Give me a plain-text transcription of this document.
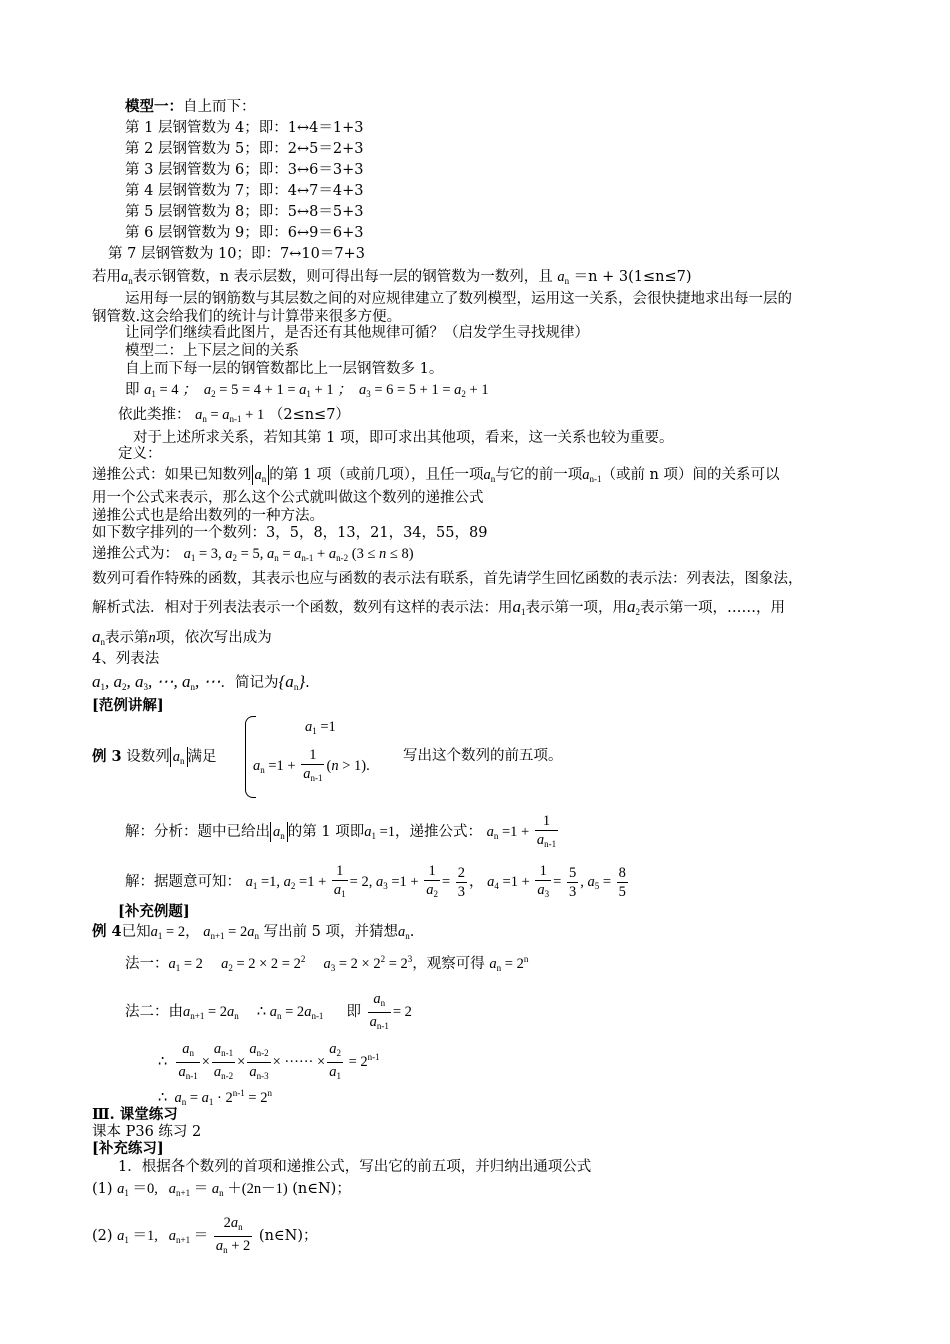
模型一：自上而下：
第 1 层钢管数为 4；即：1↔4＝1+3
第 2 层钢管数为 5；即：2↔5＝2+3
第 3 层钢管数为 6；即：3↔6＝3+3
第 4 层钢管数为 7；即：4↔7＝4+3
第 5 层钢管数为 8；即：5↔8＝5+3
第 6 层钢管数为 9；即：6↔9＝6+3
第 7 层钢管数为 10；即：7↔10＝7+3
若用$a_n$表示钢管数，n 表示层数，则可得出每一层的钢管数为一数列，且 $a_n =n + 3(1\le n\le 7)$
运用每一层的钢筋数与其层数之间的对应规律建立了数列模型，运用这一关系，会很快捷地求出每一层的
钢管数.这会给我们的统计与计算带来很多方便。
让同学们继续看此图片，是否还有其他规律可循？（启发学生寻找规律）
模型二：上下层之间的关系
自上而下每一层的钢管数都比上一层钢管数多 1。
即 $a_1 = 4$ ；  $a_2 = 5 = 4 + 1 = a_1 + 1$ ；  $a_3 = 6 = 5 + 1 = a_2 + 1$
依此类推： $a_n = a_{n-1} + 1$ （2≤n≤7）
对于上述所求关系，若知其第 1 项，即可求出其他项，看来，这一关系也较为重要。
定义：
递推公式：如果已知数列 $a_n$ 的第 1 项（或前几项），且任一项$a_n$与它的前一项$a_{n-1}$（或前 n 项）间的关系可以
用一个公式来表示，那么这个公式就叫做这个数列的递推公式
递推公式也是给出数列的一种方法。
如下数字排列的一个数列：3，5，8，13，21，34，55，89
递推公式为： $a_1 = 3$, $a_2 = 5$, $a_n = a_{n-1} + a_{n-2}$ (3 ≤ n ≤ 8)
数列可看作特殊的函数，其表示也应与函数的表示法有联系，首先请学生回忆函数的表示法：列表法，图象法，
解析式法．相对于列表法表示一个函数，数列有这样的表示法：用$a_1$表示第一项，用$a_2$表示第一项，……，用
$a_n$表示第n项，依次写出成为
4、列表法
$a_1$, $a_2$, $a_3$, ⋯, $a_n$, ⋯．简记为$\{a_n\}$.
[范例讲解]
例 3 设数列 $a_n$ 满足
$a_1 =1$
$a_n =1 + \frac{1}{a_{n-1}} (n > 1)$.
写出这个数列的前五项。
解：分析：题中已给出 $a_n$ 的第 1 项即$a_1 =1$，递推公式： $a_n =1 + \frac{1}{a_{n-1}}$
解：据题意可知： $a_1 =1$, $a_2 =1 + \frac{1}{a_1} = 2$, $a_3 =1 + \frac{1}{a_2} = \frac{2}{3}$ ， $a_4 =1 + \frac{1}{a_3} = \frac{5}{3}$ , $a_5 = \frac{8}{5}$
[补充例题]
例 4已知$a_1 = 2$， $a_{n+1} = 2a_n$ 写出前 5 项，并猜想$a_n$.
法一：$a_1 = 2$     $a_2 = 2 \times 2 = 2^2$     $a_3 = 2 \times 2^2 = 2^3$，观察可得 $a_n = 2^n$
法二：由$a_{n+1} = 2a_n$ ∴ $a_n = 2a_{n-1}$ 即 $\frac{a_n}{a_{n-1}} = 2$
∴ $\frac{a_n}{a_{n-1}} \times \frac{a_{n-1}}{a_{n-2}} \times \frac{a_{n-2}}{a_{n-3}}$ × ······ × $\frac{a_2}{a_1} = 2^{n-1}$
∴  $a_n = a_1 \cdot 2^{n-1} = 2^n$
Ⅲ. 课堂练习
课本 P36 练习 2
[补充练习]
1．根据各个数列的首项和递推公式，写出它的前五项，并归纳出通项公式
(1) $a_1 =0$,   $a_{n+1} = a_n +(2n-1)$ (n∈N)；
(2) $a_1 =1$,   $a_{n+1} = \frac{2a_n}{a_n + 2}$ (n∈N)；
